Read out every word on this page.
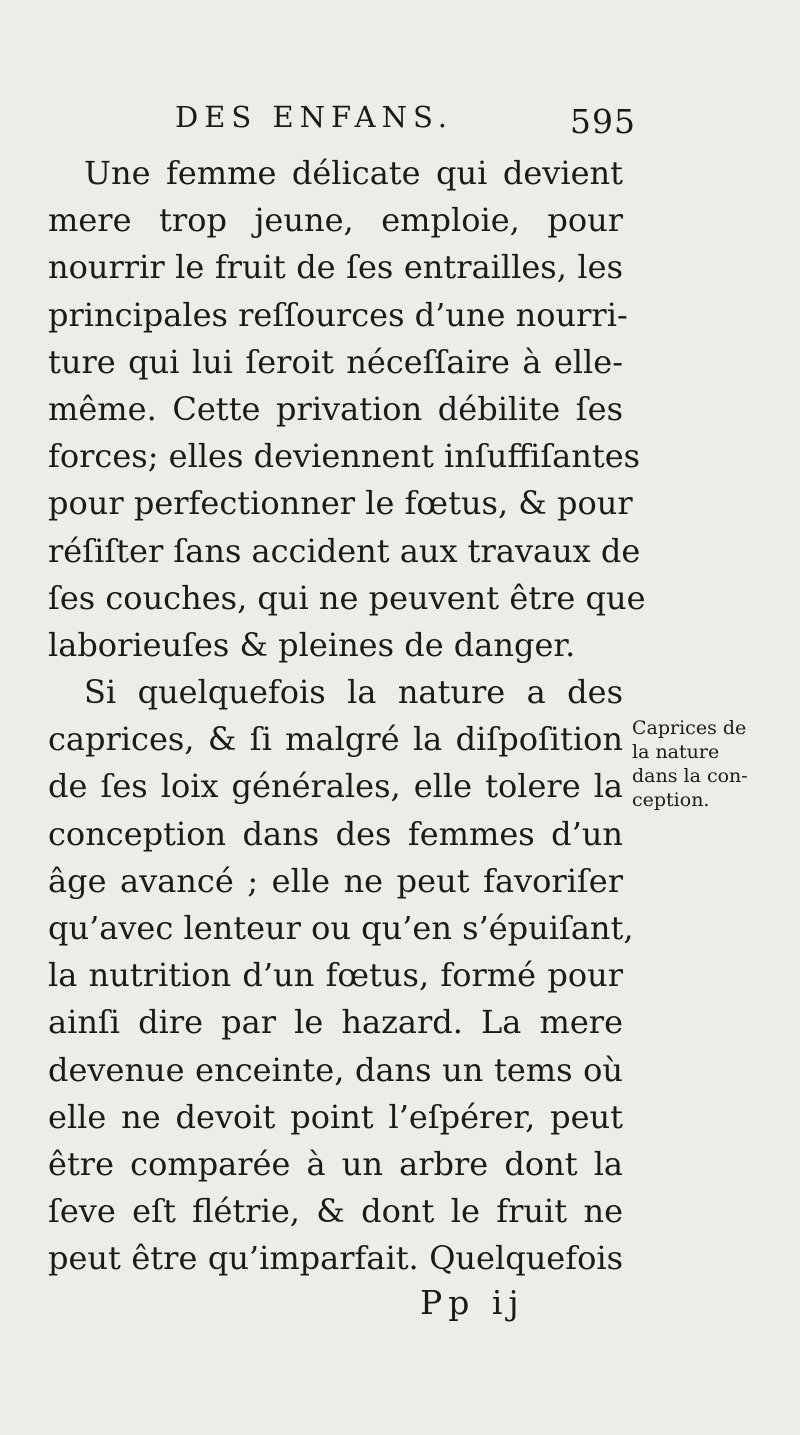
DES ENFANS.	595
Une femme délicate qui devient
mere trop jeune, emploie, pour
nourrir le fruit de ſes entrailles, les
principales reſſources d’une nourri-
ture qui lui ſeroit néceſſaire à elle-
même. Cette privation débilite ſes
forces; elles deviennent inſuffiſantes
pour perfectionner le fœtus, & pour
réſiſter ſans accident aux travaux de
ſes couches, qui ne peuvent être que
laborieuſes & pleines de danger.
Si quelquefois la nature a des
caprices, & ſi malgré la diſpoſition
de ſes loix générales, elle tolere la
conception dans des femmes d’un
âge avancé ; elle ne peut favoriſer
qu’avec lenteur ou qu’en s’épuiſant,
la nutrition d’un fœtus, formé pour
ainſi dire par le hazard. La mere
devenue enceinte, dans un tems où
elle ne devoit point l’eſpérer, peut
être comparée à un arbre dont la
ſeve eſt flétrie, & dont le fruit ne
peut être qu’imparfait. Quelquefois
Caprices de
la nature
dans la con-
ception.
Pp ij
